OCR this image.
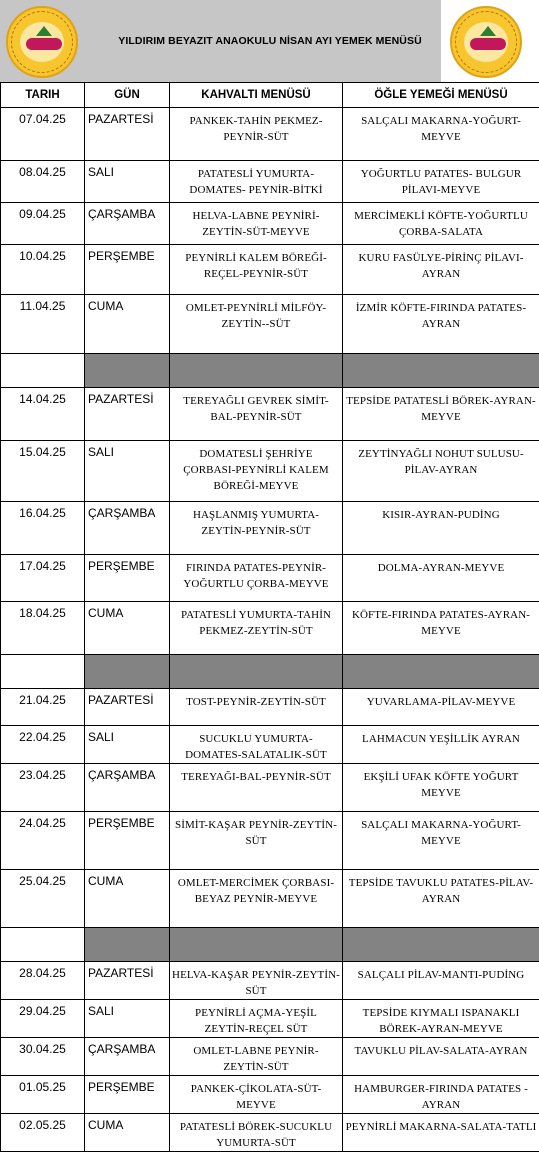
YILDIRIM BEYAZIT ANAOKULU NİSAN AYI YEMEK MENÜSÜ
TARIH	GÜN	KAHVALTI MENÜSÜ	ÖĞLE YEMEĞİ MENÜSÜ
07.04.25	PAZARTESİ	PANKEK-TAHİN PEKMEZ-PEYNİR-SÜT	SALÇALI MAKARNA-YOĞURT-MEYVE
08.04.25	SALI	PATATESLİ YUMURTA-DOMATES- PEYNİR-BİTKİ	YOĞURTLU PATATES- BULGUR PİLAVI-MEYVE
09.04.25	ÇARŞAMBA	HELVA-LABNE PEYNİRİ-ZEYTİN-SÜT-MEYVE	MERCİMEKLİ KÖFTE-YOĞURTLU ÇORBA-SALATA
10.04.25	PERŞEMBE	PEYNİRLİ KALEM BÖREĞİ-REÇEL-PEYNİR-SÜT	KURU FASÜLYE-PİRİNÇ PİLAVI-AYRAN
11.04.25	CUMA	OMLET-PEYNİRLİ MİLFÖY-ZEYTİN--SÜT	İZMİR KÖFTE-FIRINDA PATATES-AYRAN

14.04.25	PAZARTESİ	TEREYAĞLI GEVREK SİMİT-BAL-PEYNİR-SÜT	TEPSİDE PATATESLİ BÖREK-AYRAN- MEYVE
15.04.25	SALI	DOMATESLİ ŞEHRİYE ÇORBASI-PEYNİRLİ KALEM BÖREĞİ-MEYVE	ZEYTİNYAĞLI NOHUT SULUSU-PİLAV-AYRAN
16.04.25	ÇARŞAMBA	HAŞLANMIŞ YUMURTA-ZEYTİN-PEYNİR-SÜT	KISIR-AYRAN-PUDİNG
17.04.25	PERŞEMBE	FIRINDA PATATES-PEYNİR-YOĞURTLU ÇORBA-MEYVE	DOLMA-AYRAN-MEYVE
18.04.25	CUMA	PATATESLİ YUMURTA-TAHİN PEKMEZ-ZEYTİN-SÜT	KÖFTE-FIRINDA PATATES-AYRAN-MEYVE

21.04.25	PAZARTESİ	TOST-PEYNİR-ZEYTİN-SÜT	YUVARLAMA-PİLAV-MEYVE
22.04.25	SALI	SUCUKLU YUMURTA-DOMATES-SALATALIK-SÜT	LAHMACUN YEŞİLLİK AYRAN
23.04.25	ÇARŞAMBA	TEREYAĞI-BAL-PEYNİR-SÜT	EKŞİLİ UFAK KÖFTE YOĞURT MEYVE
24.04.25	PERŞEMBE	SİMİT-KAŞAR PEYNİR-ZEYTİN-SÜT	SALÇALI MAKARNA-YOĞURT-MEYVE
25.04.25	CUMA	OMLET-MERCİMEK ÇORBASI-BEYAZ PEYNİR-MEYVE	TEPSİDE TAVUKLU PATATES-PİLAV-AYRAN

28.04.25	PAZARTESİ	HELVA-KAŞAR PEYNİR-ZEYTİN-SÜT	SALÇALI PİLAV-MANTI-PUDİNG
29.04.25	SALI	PEYNİRLİ AÇMA-YEŞİL ZEYTİN-REÇEL SÜT	TEPSİDE KIYMALI ISPANAKLI BÖREK-AYRAN-MEYVE
30.04.25	ÇARŞAMBA	OMLET-LABNE PEYNİR-ZEYTİN-SÜT	TAVUKLU PİLAV-SALATA-AYRAN
01.05.25	PERŞEMBE	PANKEK-ÇİKOLATA-SÜT-MEYVE	HAMBURGER-FIRINDA PATATES -AYRAN
02.05.25	CUMA	PATATESLİ BÖREK-SUCUKLU YUMURTA-SÜT	PEYNİRLİ MAKARNA-SALATA-TATLI
